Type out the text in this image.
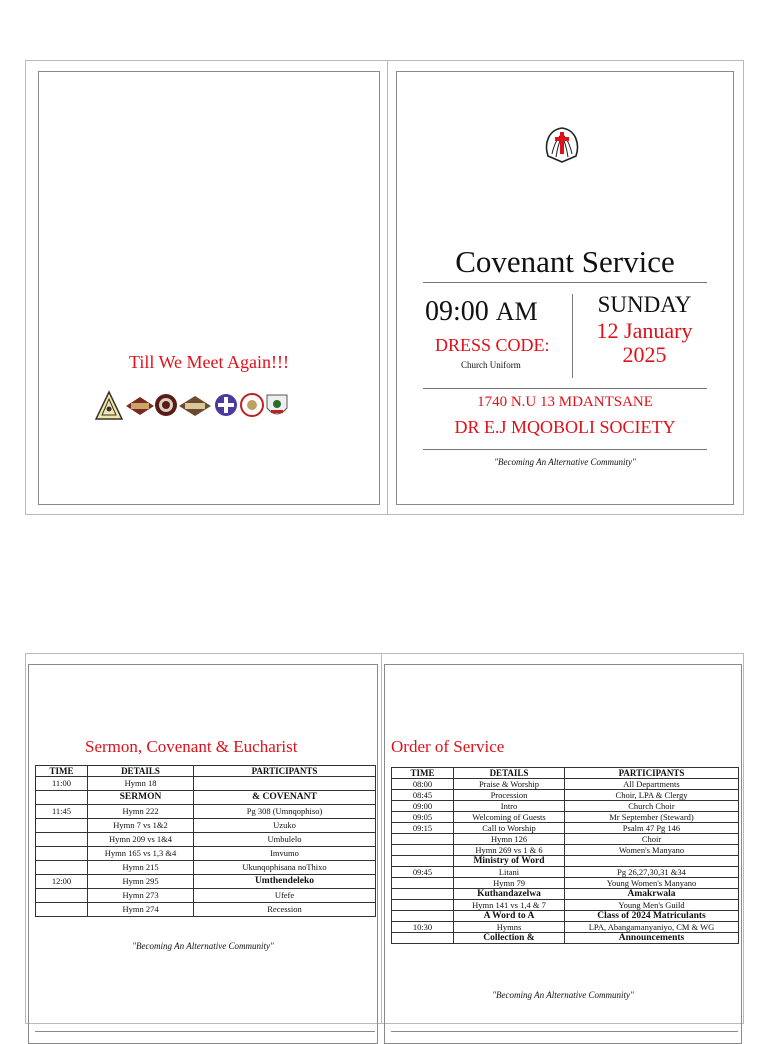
Till We Meet Again!!!
Covenant Service
09:00 AM	SUNDAY
12 January
2025
DRESS CODE:
Church Uniform
1740 N.U 13 MDANTSANE
DR E.J MQOBOLI SOCIETY
"Becoming An Alternative Community"
Sermon, Covenant & Eucharist
TIME	DETAILS	PARTICIPANTS
11:00	Hymn 18	
	SERMON	& COVENANT
11:45	Hymn 222	Pg 308 (Umnqophiso)
	Hymn 7 vs 1&2	Uzuko
	Hymn 209 vs 1&4	Umbulelo
	Hymn 165 vs 1,3 &4	Imvumo
	Hymn 215	Ukunqophisana noThixo
12:00	Hymn 295	Umthendeleko
	Hymn 273	Ufefe
	Hymn 274	Recession
"Becoming An Alternative Community"
Order of Service
TIME	DETAILS	PARTICIPANTS
08:00	Praise & Worship	All Departments
08:45	Procession	Choir, LPA & Clergy
09:00	Intro	Church Choir
09:05	Welcoming of Guests	Mr September (Steward)
09:15	Call to Worship	Psalm 47 Pg 146
	Hymn 126	Choir
	Hymn 269 vs 1 & 6	Women's Manyano
	Ministry of Word	
09:45	Litani	Pg 26,27,30,31 &34
	Hymn 79	Young Women's Manyano
	Kuthandazelwa	Amakrwala
	Hymn 141 vs 1,4 & 7	Young Men's Guild
	A Word to A	Class of 2024 Matriculants
10:30	Hymns	LPA, Abangamanyaniyo, CM & WG
	Collection &	Announcements
"Becoming An Alternative Community"
